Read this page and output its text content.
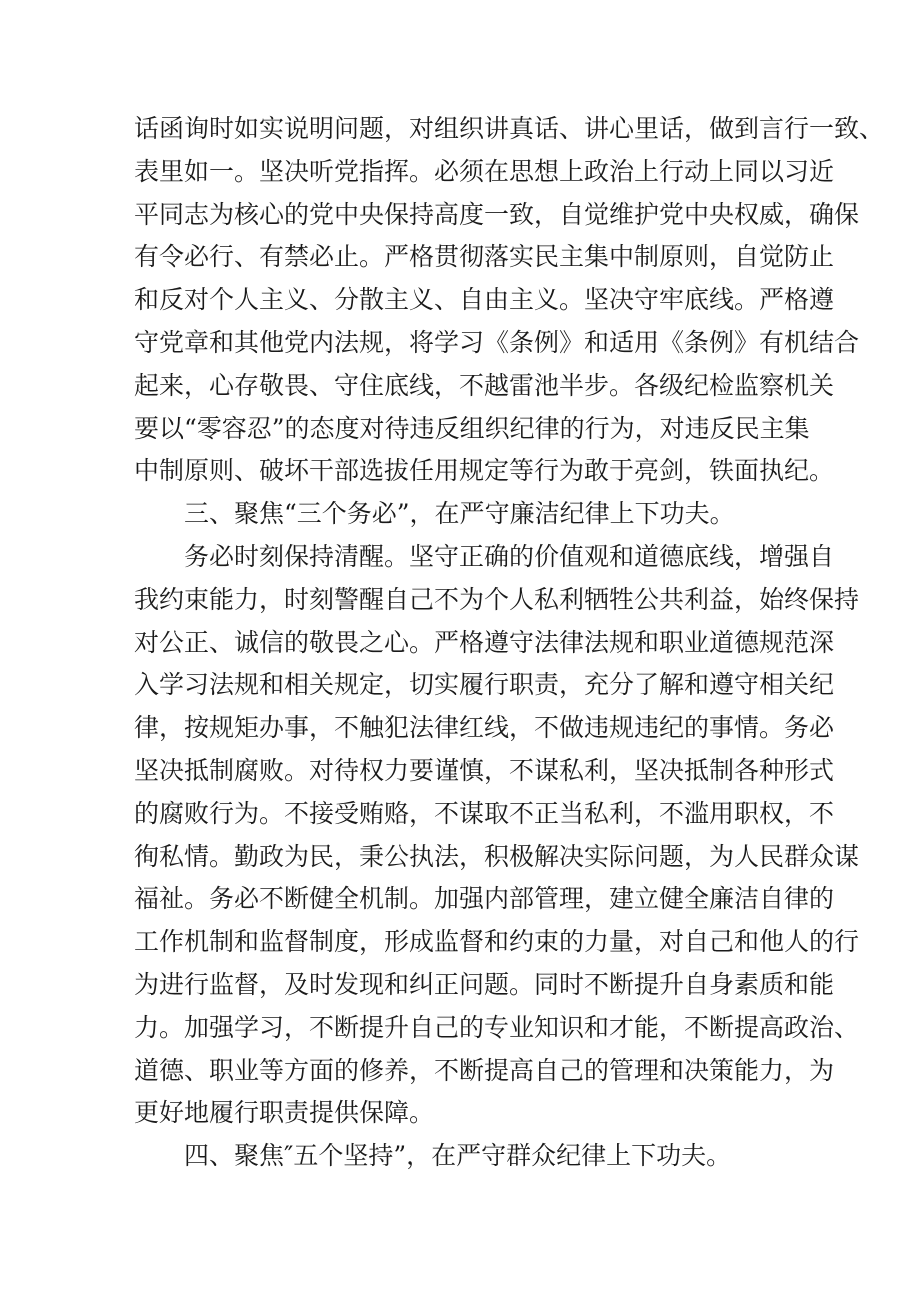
话函询时如实说明问题，对组织讲真话、讲心里话，做到言行一致、
表里如一。坚决听党指挥。必须在思想上政治上行动上同以习近
平同志为核心的党中央保持高度一致，自觉维护党中央权威，确保
有令必行、有禁必止。严格贯彻落实民主集中制原则，自觉防止
和反对个人主义、分散主义、自由主义。坚决守牢底线。严格遵
守党章和其他党内法规，将学习《条例》和适用《条例》有机结合
起来，心存敬畏、守住底线，不越雷池半步。各级纪检监察机关
要以“零容忍”的态度对待违反组织纪律的行为，对违反民主集
中制原则、破坏干部选拔任用规定等行为敢于亮剑，铁面执纪。
三、聚焦“三个务必”，在严守廉洁纪律上下功夫。
务必时刻保持清醒。坚守正确的价值观和道德底线，增强自
我约束能力，时刻警醒自己不为个人私利牺牲公共利益，始终保持
对公正、诚信的敬畏之心。严格遵守法律法规和职业道德规范深
入学习法规和相关规定，切实履行职责，充分了解和遵守相关纪
律，按规矩办事，不触犯法律红线，不做违规违纪的事情。务必
坚决抵制腐败。对待权力要谨慎，不谋私利，坚决抵制各种形式
的腐败行为。不接受贿赂，不谋取不正当私利，不滥用职权，不
徇私情。勤政为民，秉公执法，积极解决实际问题，为人民群众谋
福祉。务必不断健全机制。加强内部管理，建立健全廉洁自律的
工作机制和监督制度，形成监督和约束的力量，对自己和他人的行
为进行监督，及时发现和纠正问题。同时不断提升自身素质和能
力。加强学习，不断提升自己的专业知识和才能，不断提高政治、
道德、职业等方面的修养，不断提高自己的管理和决策能力，为
更好地履行职责提供保障。
四、聚焦″五个坚持”，在严守群众纪律上下功夫。
